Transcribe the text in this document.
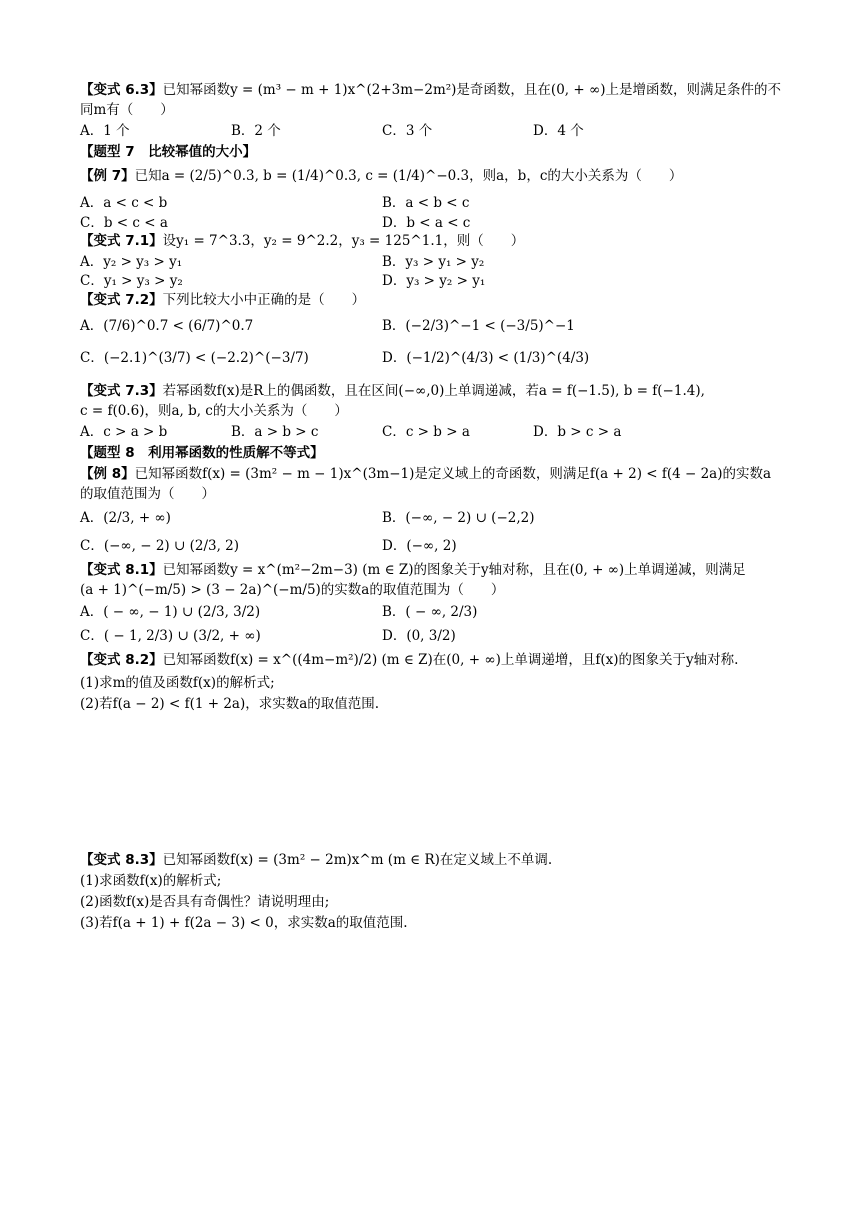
【变式 6.3】已知幂函数y = (m³ − m + 1)x^(2+3m−2m²)是奇函数，且在(0, + ∞)上是增函数，则满足条件的不
同m有（　　）
A．1 个	B．2 个	C．3 个	D．4 个
【题型 7　比较幂值的大小】
【例 7】已知a = (2/5)^0.3, b = (1/4)^0.3, c = (1/4)^−0.3，则a，b，c的大小关系为（　　）
A．a < c < b	B．a < b < c
C．b < c < a	D．b < a < c
【变式 7.1】设y₁ = 7^3.3，y₂ = 9^2.2，y₃ = 125^1.1，则（　　）
A．y₂ > y₃ > y₁	B．y₃ > y₁ > y₂
C．y₁ > y₃ > y₂	D．y₃ > y₂ > y₁
【变式 7.2】下列比较大小中正确的是（　　）
A．(7/6)^0.7 < (6/7)^0.7	B．(−2/3)^−1 < (−3/5)^−1
C．(−2.1)^(3/7) < (−2.2)^(−3/7)	D．(−1/2)^(4/3) < (1/3)^(4/3)
【变式 7.3】若幂函数f(x)是R上的偶函数，且在区间(−∞,0)上单调递减，若a = f(−1.5), b = f(−1.4),
c = f(0.6)，则a, b, c的大小关系为（　　）
A．c > a > b	B．a > b > c	C．c > b > a	D．b > c > a
【题型 8　利用幂函数的性质解不等式】
【例 8】已知幂函数f(x) = (3m² − m − 1)x^(3m−1)是定义域上的奇函数，则满足f(a + 2) < f(4 − 2a)的实数a
的取值范围为（　　）
A．(2/3, + ∞)	B．(−∞, − 2) ∪ (−2,2)
C．(−∞, − 2) ∪ (2/3, 2)	D．(−∞, 2)
【变式 8.1】已知幂函数y = x^(m²−2m−3) (m ∈ Z)的图象关于y轴对称，且在(0, + ∞)上单调递减，则满足
(a + 1)^(−m/5) > (3 − 2a)^(−m/5)的实数a的取值范围为（　　）
A．( − ∞, − 1) ∪ (2/3, 3/2)	B．( − ∞, 2/3)
C．( − 1, 2/3) ∪ (3/2, + ∞)	D．(0, 3/2)
【变式 8.2】已知幂函数f(x) = x^((4m−m²)/2) (m ∈ Z)在(0, + ∞)上单调递增，且f(x)的图象关于y轴对称.
(1)求m的值及函数f(x)的解析式;
(2)若f(a − 2) < f(1 + 2a)，求实数a的取值范围.
【变式 8.3】已知幂函数f(x) = (3m² − 2m)x^m (m ∈ R)在定义域上不单调.
(1)求函数f(x)的解析式;
(2)函数f(x)是否具有奇偶性？请说明理由;
(3)若f(a + 1) + f(2a − 3) < 0，求实数a的取值范围.
